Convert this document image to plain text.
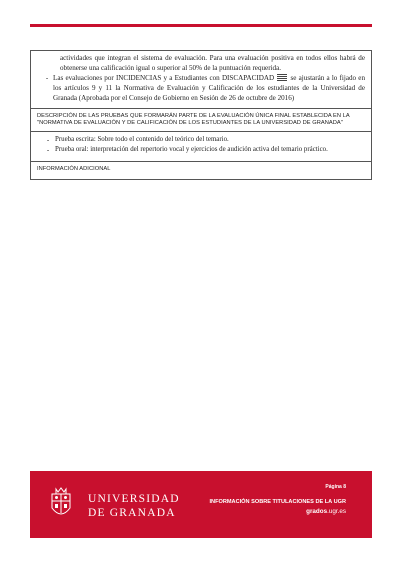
actividades que integran el sistema de evaluación. Para una evaluación positiva en todos ellos habrá de obtenerse una calificación igual o superior al 50% de la puntuación requerida.

- Las evaluaciones por INCIDENCIAS y a Estudiantes con DISCAPACIDAD se ajustarán a lo fijado en los artículos 9 y 11 la Normativa de Evaluación y Calificación de los estudiantes de la Universidad de Granada (Aprobada por el Consejo de Gobierno en Sesión de 26 de octubre de 2016)

DESCRIPCIÓN DE LAS PRUEBAS QUE FORMARÁN PARTE DE LA EVALUACIÓN ÚNICA FINAL ESTABLECIDA EN LA "NORMATIVA DE EVALUACIÓN Y DE CALIFICACIÓN DE LOS ESTUDIANTES DE LA UNIVERSIDAD DE GRANADA"

- Prueba escrita: Sobre todo el contenido del teórico del temario.

- Prueba oral: interpretación del repertorio vocal y ejercicios de audición activa del temario práctico.

INFORMACIÓN ADICIONAL

UNIVERSIDAD
DE GRANADA
Página 8
INFORMACIÓN SOBRE TITULACIONES DE LA UGR
grados.ugr.es
